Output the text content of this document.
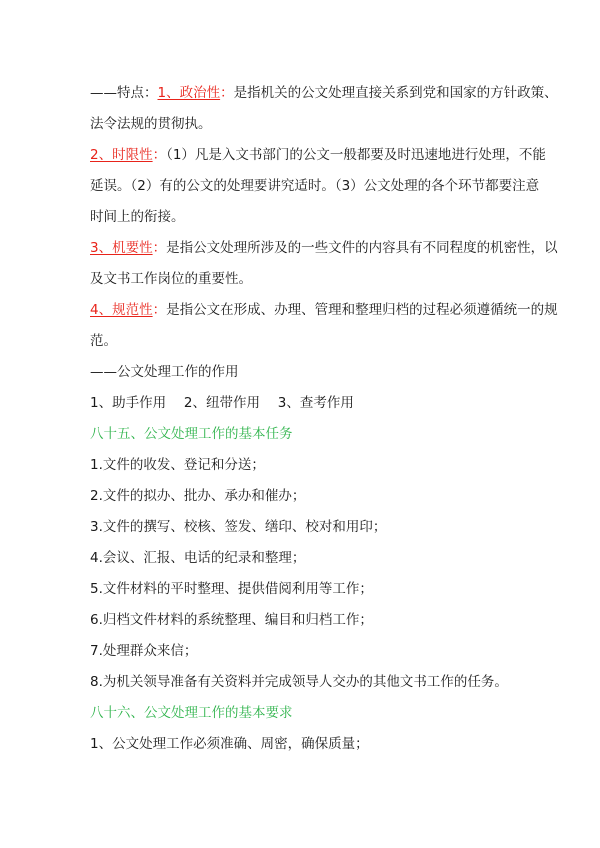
——特点：1、政治性：是指机关的公文处理直接关系到党和国家的方针政策、

法令法规的贯彻执。

2、时限性：（1）凡是入文书部门的公文一般都要及时迅速地进行处理，不能

延误。（2）有的公文的处理要讲究适时。（3）公文处理的各个环节都要注意

时间上的衔接。

3、机要性：是指公文处理所涉及的一些文件的内容具有不同程度的机密性，以

及文书工作岗位的重要性。

4、规范性：是指公文在形成、办理、管理和整理归档的过程必须遵循统一的规

范。

——公文处理工作的作用

1、助手作用　 2、纽带作用　 3、查考作用

八十五、公文处理工作的基本任务

1.文件的收发、登记和分送；

2.文件的拟办、批办、承办和催办；

3.文件的撰写、校核、签发、缮印、校对和用印；

4.会议、汇报、电话的纪录和整理；

5.文件材料的平时整理、提供借阅利用等工作；

6.归档文件材料的系统整理、编目和归档工作；

7.处理群众来信；

8.为机关领导准备有关资料并完成领导人交办的其他文书工作的任务。

八十六、公文处理工作的基本要求

1、公文处理工作必须准确、周密，确保质量；
